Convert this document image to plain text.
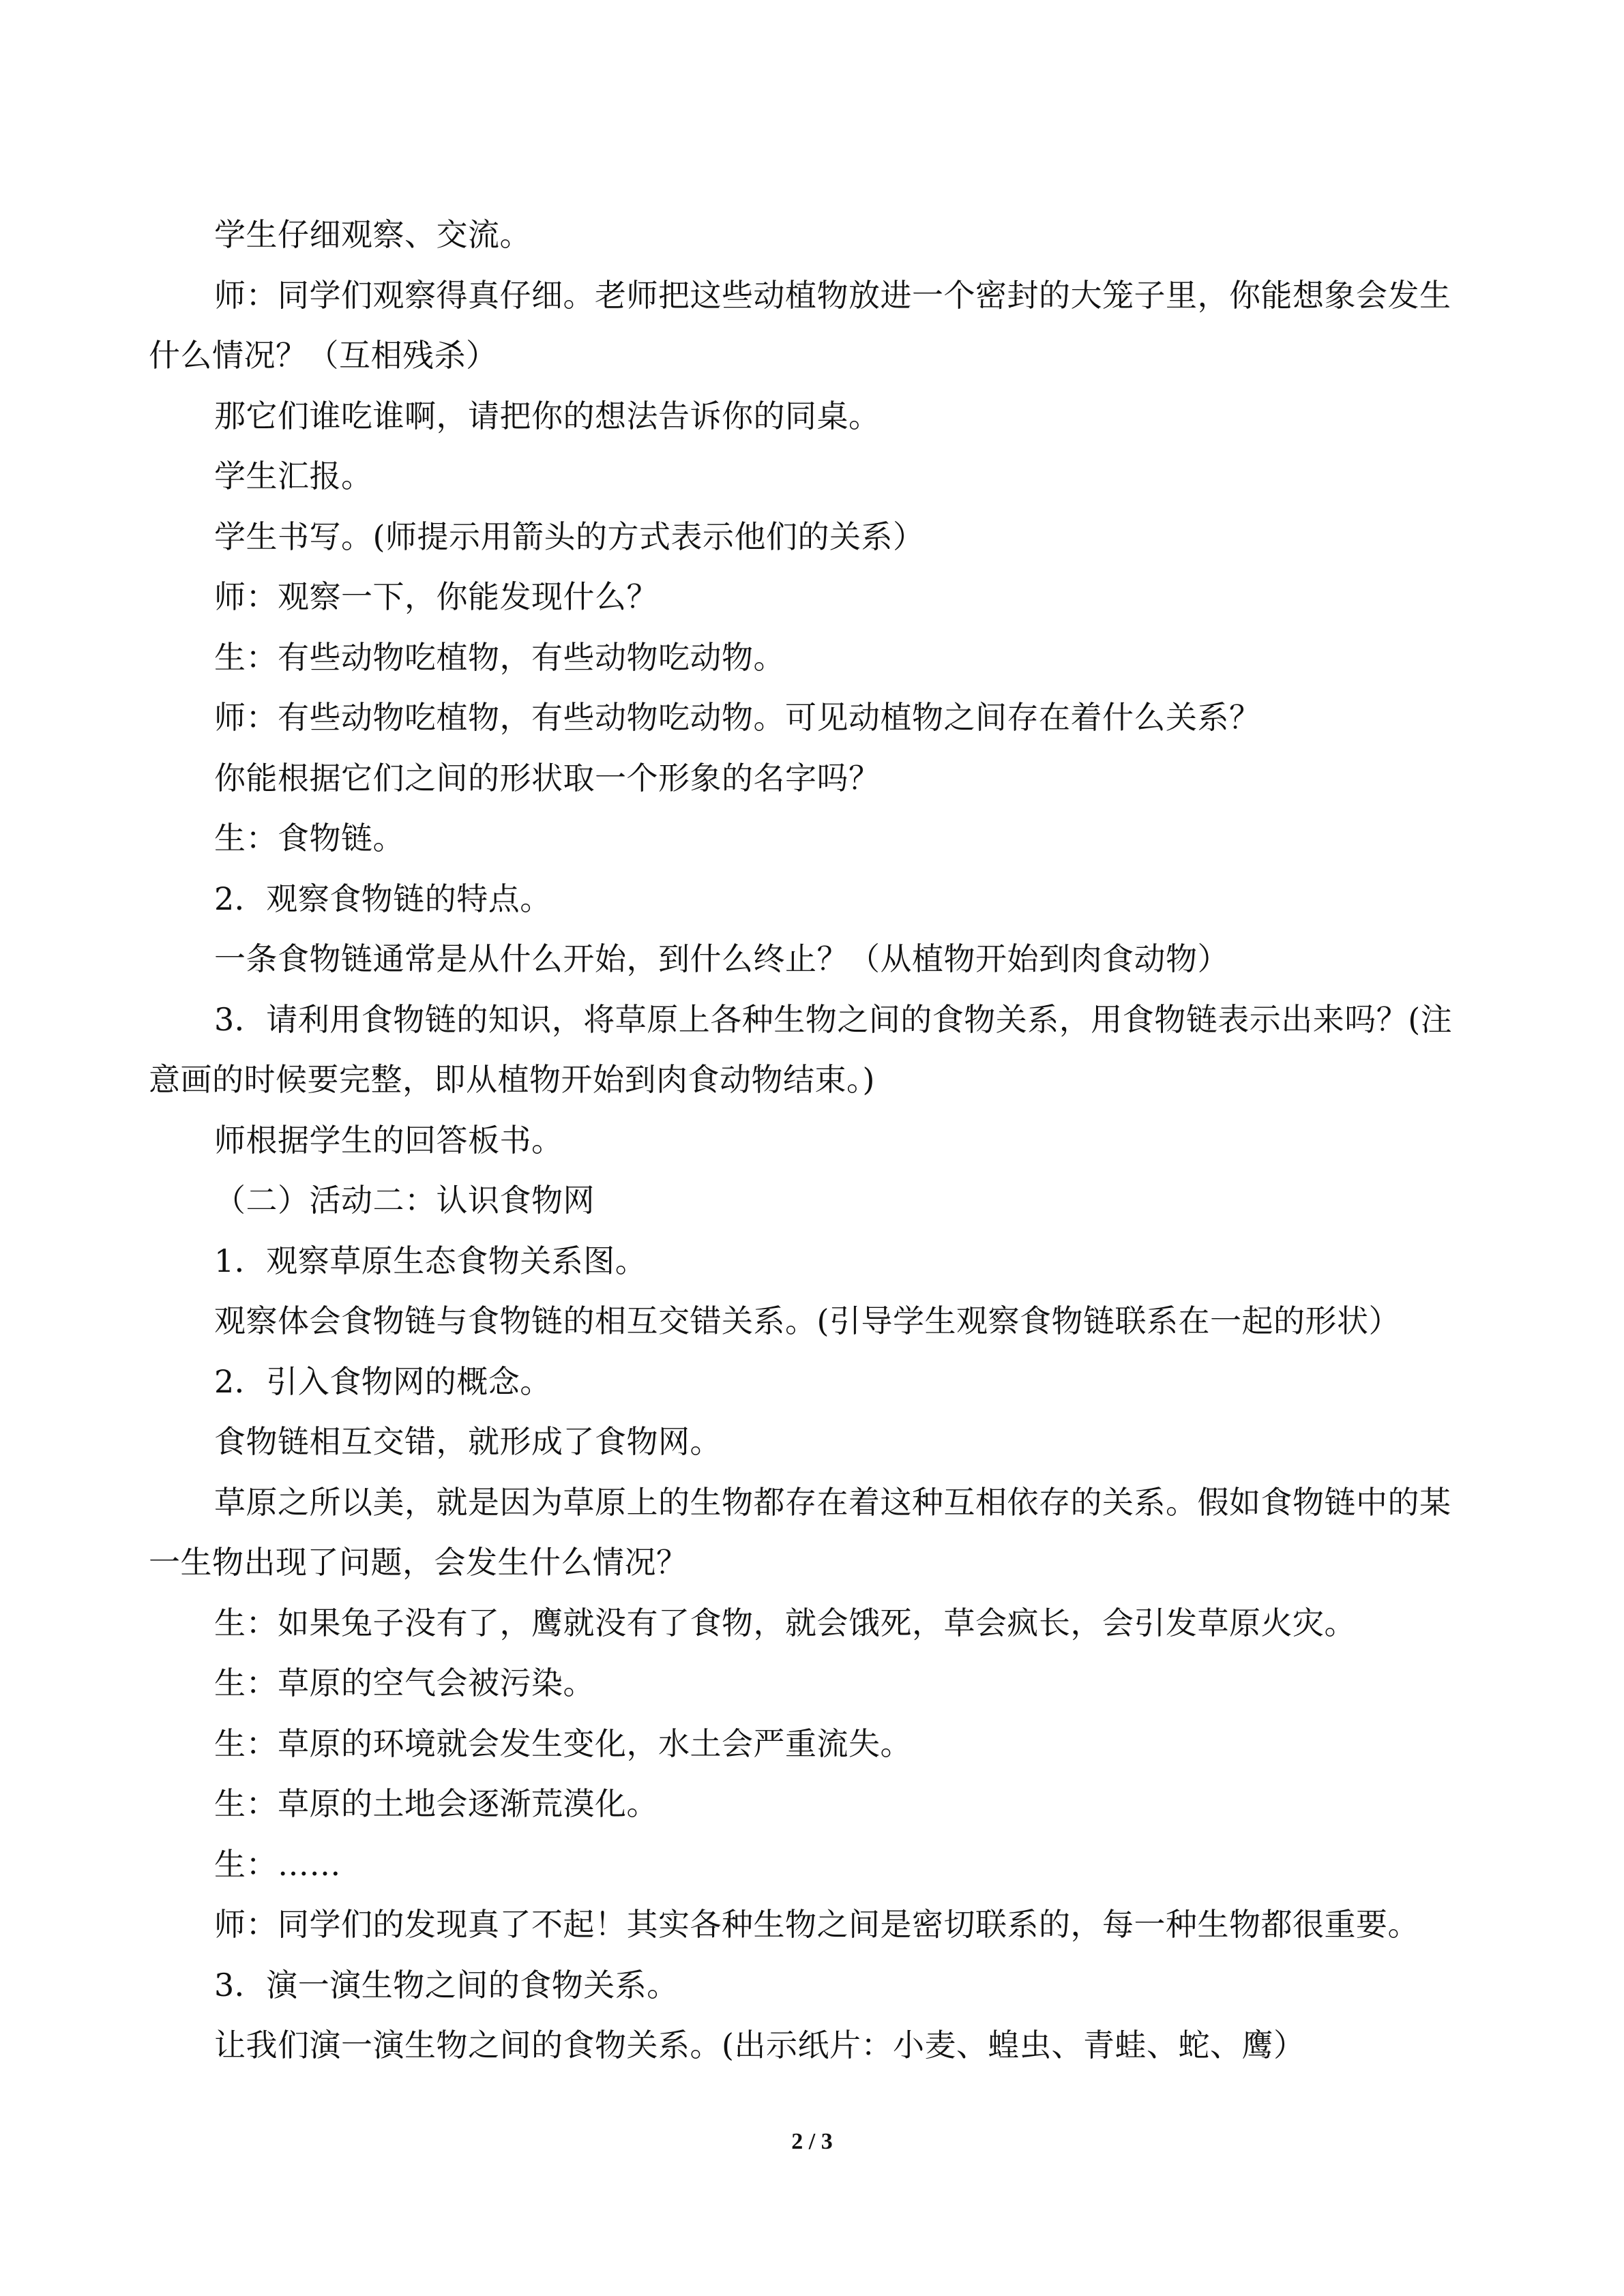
学生仔细观察、交流。

师：同学们观察得真仔细。老师把这些动植物放进一个密封的大笼子里，你能想象会发生什么情况？（互相残杀）

那它们谁吃谁啊，请把你的想法告诉你的同桌。

学生汇报。

学生书写。(师提示用箭头的方式表示他们的关系）

师：观察一下，你能发现什么？

生：有些动物吃植物，有些动物吃动物。

师：有些动物吃植物，有些动物吃动物。可见动植物之间存在着什么关系？

你能根据它们之间的形状取一个形象的名字吗？

生：食物链。

2．观察食物链的特点。

一条食物链通常是从什么开始，到什么终止？（从植物开始到肉食动物）

3．请利用食物链的知识，将草原上各种生物之间的食物关系，用食物链表示出来吗？(注意画的时候要完整，即从植物开始到肉食动物结束。)

师根据学生的回答板书。

（二）活动二：认识食物网

1．观察草原生态食物关系图。

观察体会食物链与食物链的相互交错关系。(引导学生观察食物链联系在一起的形状）

2．引入食物网的概念。

食物链相互交错，就形成了食物网。

草原之所以美，就是因为草原上的生物都存在着这种互相依存的关系。假如食物链中的某一生物出现了问题，会发生什么情况？

生：如果兔子没有了，鹰就没有了食物，就会饿死，草会疯长，会引发草原火灾。

生：草原的空气会被污染。

生：草原的环境就会发生变化，水土会严重流失。

生：草原的土地会逐渐荒漠化。

生：……

师：同学们的发现真了不起！其实各种生物之间是密切联系的，每一种生物都很重要。

3．演一演生物之间的食物关系。

让我们演一演生物之间的食物关系。(出示纸片：小麦、蝗虫、青蛙、蛇、鹰）

2 / 3
